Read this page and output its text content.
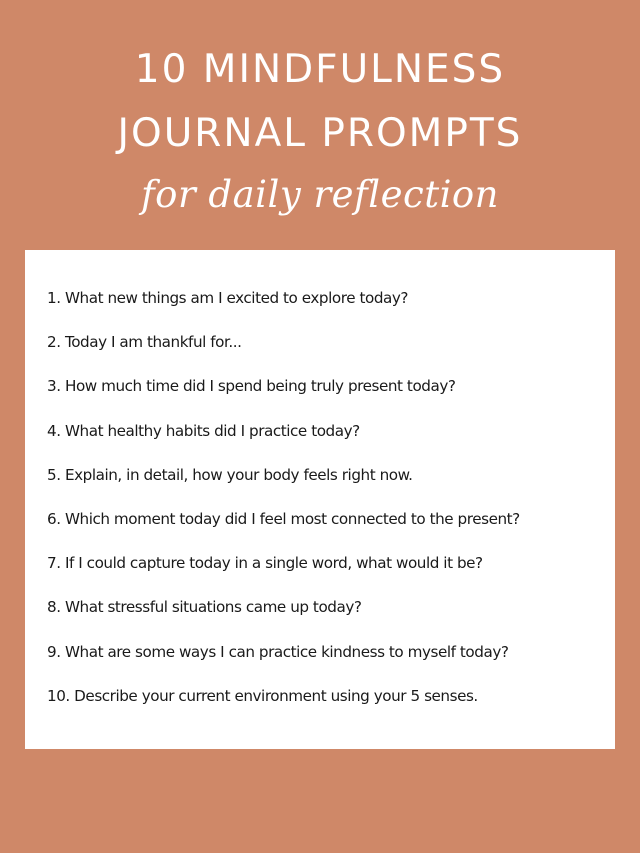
10 MINDFULNESS
JOURNAL PROMPTS
for daily reflection
1. What new things am I excited to explore today?
2. Today I am thankful for...
3. How much time did I spend being truly present today?
4. What healthy habits did I practice today?
5. Explain, in detail, how your body feels right now.
6. Which moment today did I feel most connected to the present?
7. If I could capture today in a single word, what would it be?
8. What stressful situations came up today?
9. What are some ways I can practice kindness to myself today?
10. Describe your current environment using your 5 senses.
